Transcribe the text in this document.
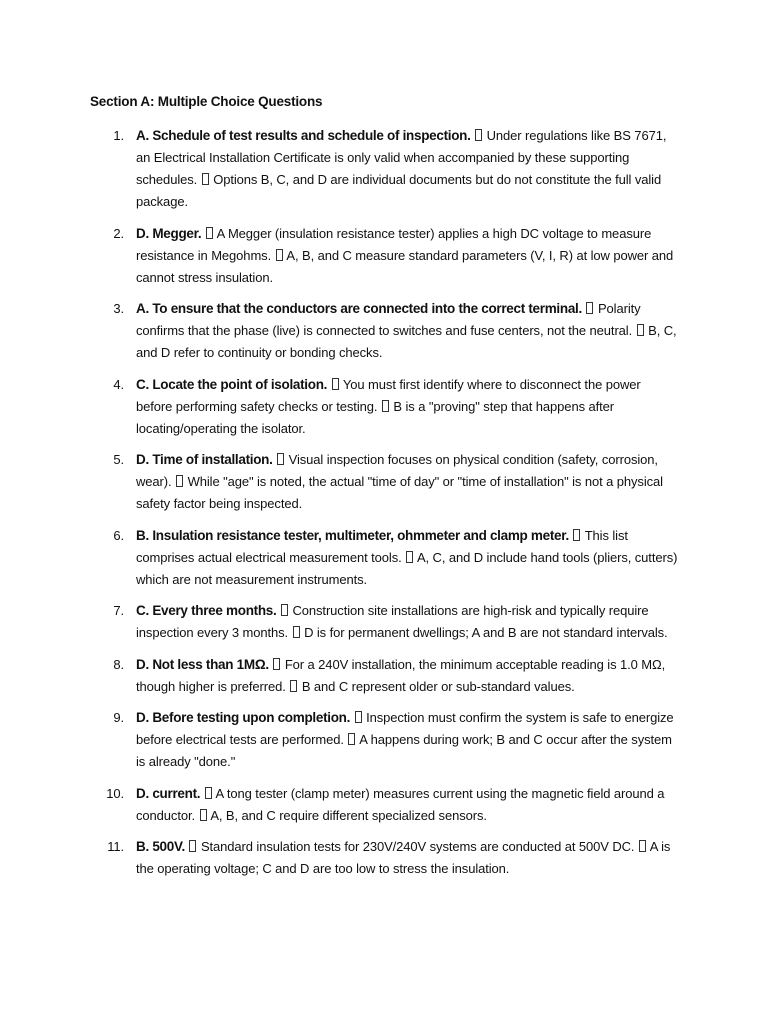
Section A: Multiple Choice Questions
1. A. Schedule of test results and schedule of inspection. Under regulations like BS 7671, an Electrical Installation Certificate is only valid when accompanied by these supporting schedules. Options B, C, and D are individual documents but do not constitute the full valid package.
2. D. Megger. A Megger (insulation resistance tester) applies a high DC voltage to measure resistance in Megohms. A, B, and C measure standard parameters (V, I, R) at low power and cannot stress insulation.
3. A. To ensure that the conductors are connected into the correct terminal. Polarity confirms that the phase (live) is connected to switches and fuse centers, not the neutral. B, C, and D refer to continuity or bonding checks.
4. C. Locate the point of isolation. You must first identify where to disconnect the power before performing safety checks or testing. B is a "proving" step that happens after locating/operating the isolator.
5. D. Time of installation. Visual inspection focuses on physical condition (safety, corrosion, wear). While "age" is noted, the actual "time of day" or "time of installation" is not a physical safety factor being inspected.
6. B. Insulation resistance tester, multimeter, ohmmeter and clamp meter. This list comprises actual electrical measurement tools. A, C, and D include hand tools (pliers, cutters) which are not measurement instruments.
7. C. Every three months. Construction site installations are high-risk and typically require inspection every 3 months. D is for permanent dwellings; A and B are not standard intervals.
8. D. Not less than 1MΩ. For a 240V installation, the minimum acceptable reading is 1.0 MΩ, though higher is preferred. B and C represent older or sub-standard values.
9. D. Before testing upon completion. Inspection must confirm the system is safe to energize before electrical tests are performed. A happens during work; B and C occur after the system is already "done."
10. D. current. A tong tester (clamp meter) measures current using the magnetic field around a conductor. A, B, and C require different specialized sensors.
11. B. 500V. Standard insulation tests for 230V/240V systems are conducted at 500V DC. A is the operating voltage; C and D are too low to stress the insulation.
